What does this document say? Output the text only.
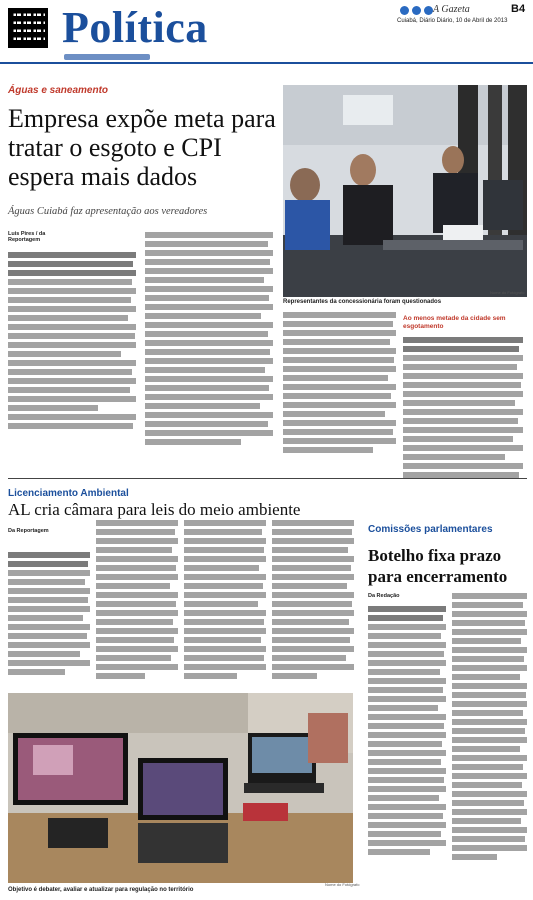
Política	A Gazeta	B4
Cuiabá, Diário Diário, 10 de Abril de 2013
Águas e saneamento
Empresa expõe meta para tratar o esgoto e CPI espera mais dados
Águas Cuiabá faz apresentação aos vereadores
Luis Pires / da Reportagem
Representantes da concessionária foram questionados
Nome do Fotógrafo
Ao menos metade da cidade sem esgotamento
Licenciamento Ambiental
AL cria câmara para leis do meio ambiente
Da Reportagem
Objetivo é debater, avaliar e atualizar para regulação no território
Nome do Fotógrafo
Comissões parlamentares
Botelho fixa prazo para encerramento
Da Redação
